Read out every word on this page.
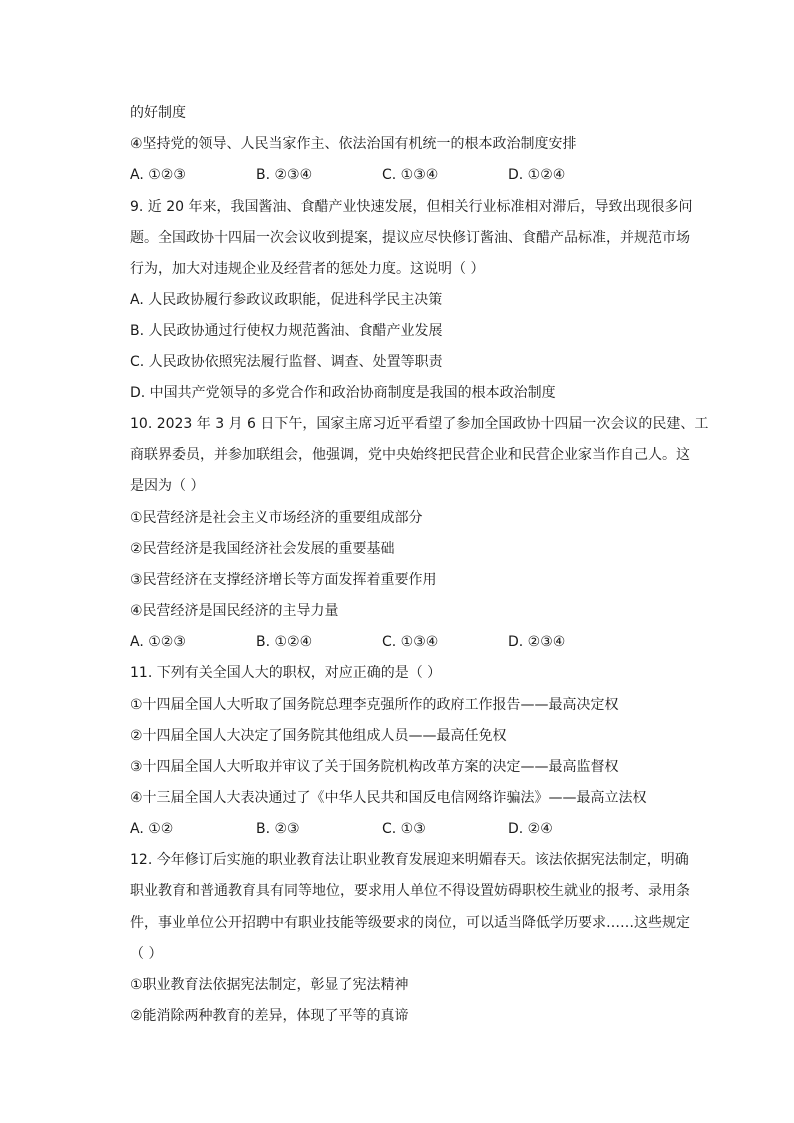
的好制度

④坚持党的领导、人民当家作主、依法治国有机统一的根本政治制度安排

A. ①②③	B. ②③④	C. ①③④	D. ①②④

9. 近 20 年来，我国酱油、食醋产业快速发展，但相关行业标准相对滞后，导致出现很多问

题。全国政协十四届一次会议收到提案，提议应尽快修订酱油、食醋产品标准，并规范市场

行为，加大对违规企业及经营者的惩处力度。这说明（ ）

A. 人民政协履行参政议政职能，促进科学民主决策

B. 人民政协通过行使权力规范酱油、食醋产业发展

C. 人民政协依照宪法履行监督、调查、处置等职责

D. 中国共产党领导的多党合作和政治协商制度是我国的根本政治制度

10. 2023 年 3 月 6 日下午，国家主席习近平看望了参加全国政协十四届一次会议的民建、工

商联界委员，并参加联组会，他强调，党中央始终把民营企业和民营企业家当作自己人。这

是因为（ ）

①民营经济是社会主义市场经济的重要组成部分

②民营经济是我国经济社会发展的重要基础

③民营经济在支撑经济增长等方面发挥着重要作用

④民营经济是国民经济的主导力量

A. ①②③	B. ①②④	C. ①③④	D. ②③④

11. 下列有关全国人大的职权，对应正确的是（ ）

①十四届全国人大听取了国务院总理李克强所作的政府工作报告——最高决定权

②十四届全国人大决定了国务院其他组成人员——最高任免权

③十四届全国人大听取并审议了关于国务院机构改革方案的决定——最高监督权

④十三届全国人大表决通过了《中华人民共和国反电信网络诈骗法》——最高立法权

A. ①②	B. ②③	C. ①③	D. ②④

12. 今年修订后实施的职业教育法让职业教育发展迎来明媚春天。该法依据宪法制定，明确

职业教育和普通教育具有同等地位，要求用人单位不得设置妨碍职校生就业的报考、录用条

件，事业单位公开招聘中有职业技能等级要求的岗位，可以适当降低学历要求……这些规定

（ ）

①职业教育法依据宪法制定，彰显了宪法精神

②能消除两种教育的差异，体现了平等的真谛
